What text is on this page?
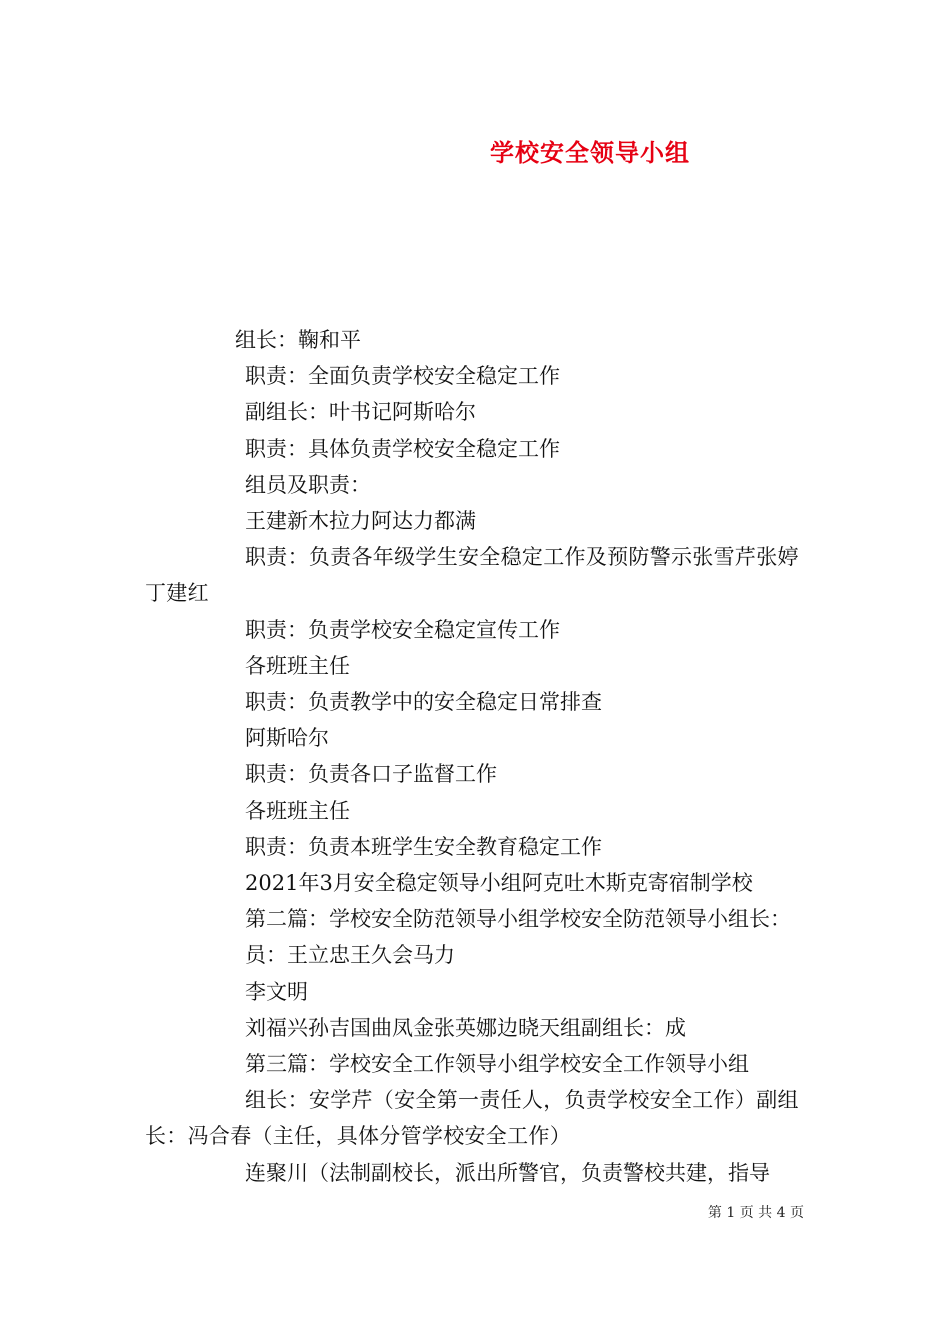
学校安全领导小组

组长：鞠和平

职责：全面负责学校安全稳定工作

副组长：叶书记阿斯哈尔

职责：具体负责学校安全稳定工作

组员及职责：

王建新木拉力阿达力都满

职责：负责各年级学生安全稳定工作及预防警示张雪芹张婷丁建红

职责：负责学校安全稳定宣传工作

各班班主任

职责：负责教学中的安全稳定日常排查

阿斯哈尔

职责：负责各口子监督工作

各班班主任

职责：负责本班学生安全教育稳定工作

2021年3月安全稳定领导小组阿克吐木斯克寄宿制学校

第二篇：学校安全防范领导小组学校安全防范领导小组长：

员：王立忠王久会马力

李文明

刘福兴孙吉国曲凤金张英娜边晓天组副组长：成

第三篇：学校安全工作领导小组学校安全工作领导小组

组长：安学芹（安全第一责任人，负责学校安全工作）副组长：冯合春（主任，具体分管学校安全工作）

连聚川（法制副校长，派出所警官，负责警校共建，指导

第 1 页 共 4 页
